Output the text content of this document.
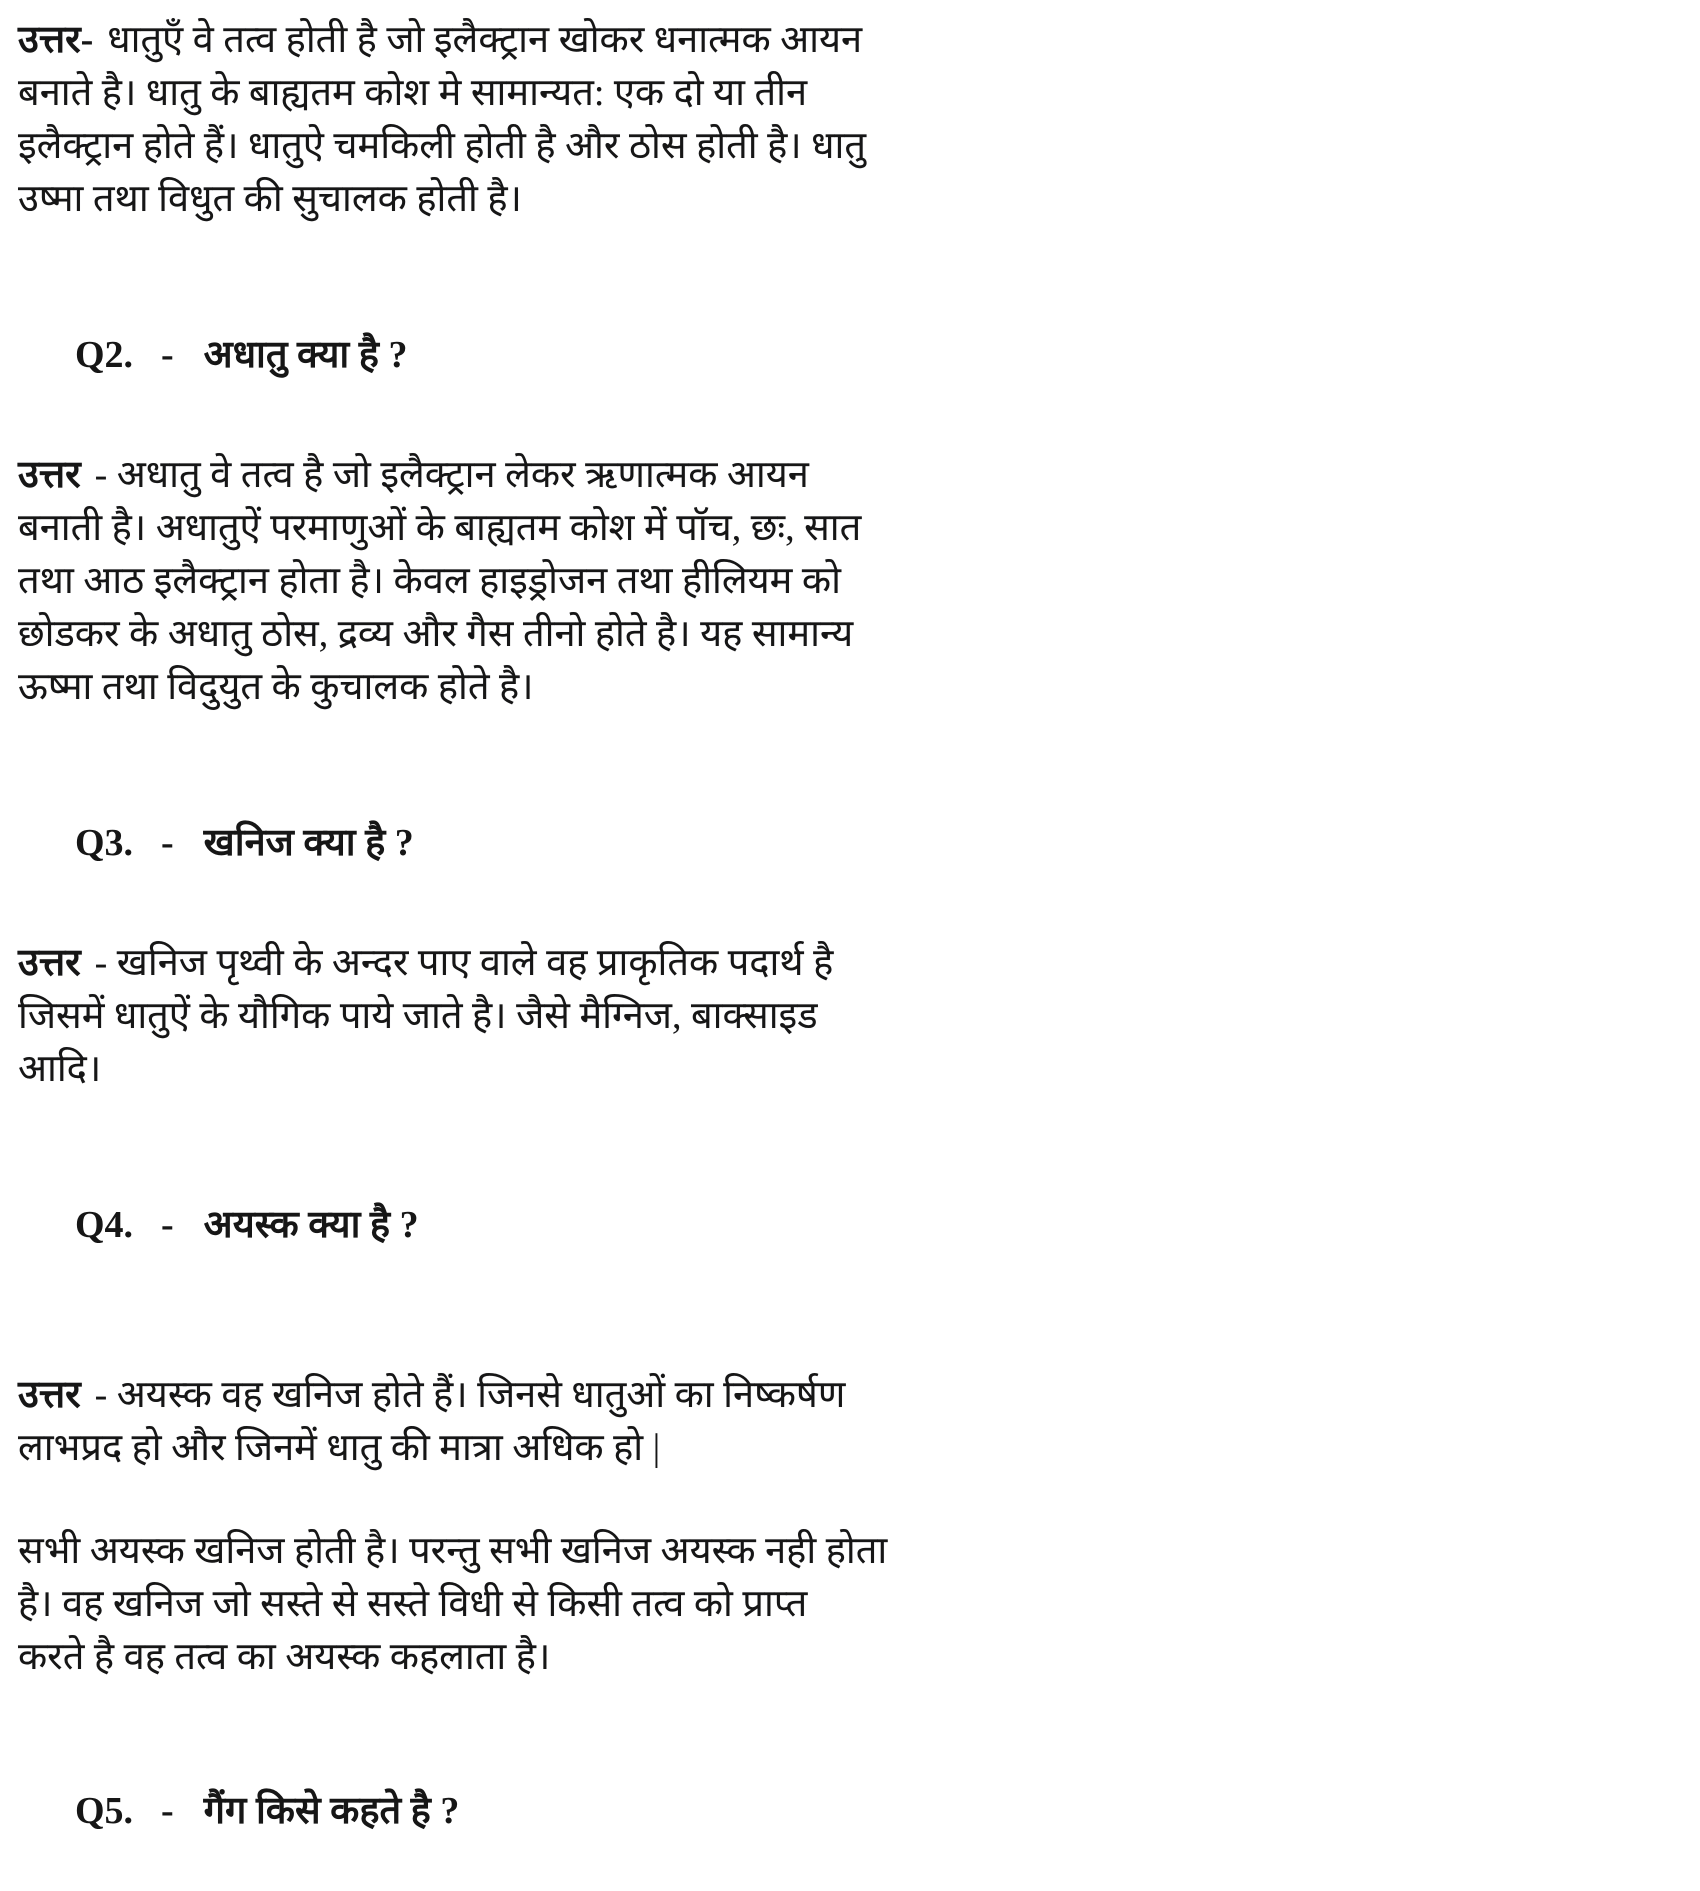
उत्तर- धातुएँ वे तत्व होती है जो इलैक्ट्रान खोकर धनात्मक आयन
बनाते है। धातु के बाह्यतम कोश मे सामान्यत: एक दो या तीन
इलैक्ट्रान होते हैं। धातुऐ चमकिली होती है और ठोस होती है। धातु
उष्मा तथा विधुत की सुचालक होती है।

Q2. - अधातु क्या है ?

उत्तर - अधातु वे तत्व है जो इलैक्ट्रान लेकर ऋणात्मक आयन
बनाती है। अधातुऐं परमाणुओं के बाह्यतम कोश में पॉच, छः, सात
तथा आठ इलैक्ट्रान होता है। केवल हाइड्रोजन तथा हीलियम को
छोडकर के अधातु ठोस, द्रव्य और गैस तीनो होते है। यह सामान्य
ऊष्मा तथा विदुयुत के कुचालक होते है।

Q3. - खनिज क्या है ?

उत्तर - खनिज पृथ्वी के अन्दर पाए वाले वह प्राकृतिक पदार्थ है
जिसमें धातुऐं के यौगिक पाये जाते है। जैसे मैग्निज, बाक्साइड
आदि।

Q4. - अयस्क क्या है ?

उत्तर - अयस्क वह खनिज होते हैं। जिनसे धातुओं का निष्कर्षण
लाभप्रद हो और जिनमें धातु की मात्रा अधिक हो |
सभी अयस्क खनिज होती है। परन्तु सभी खनिज अयस्क नही होता
है। वह खनिज जो सस्ते से सस्ते विधी से किसी तत्व को प्राप्त
करते है वह तत्व का अयस्क कहलाता है।

Q5. - गैंग किसे कहते है ?
